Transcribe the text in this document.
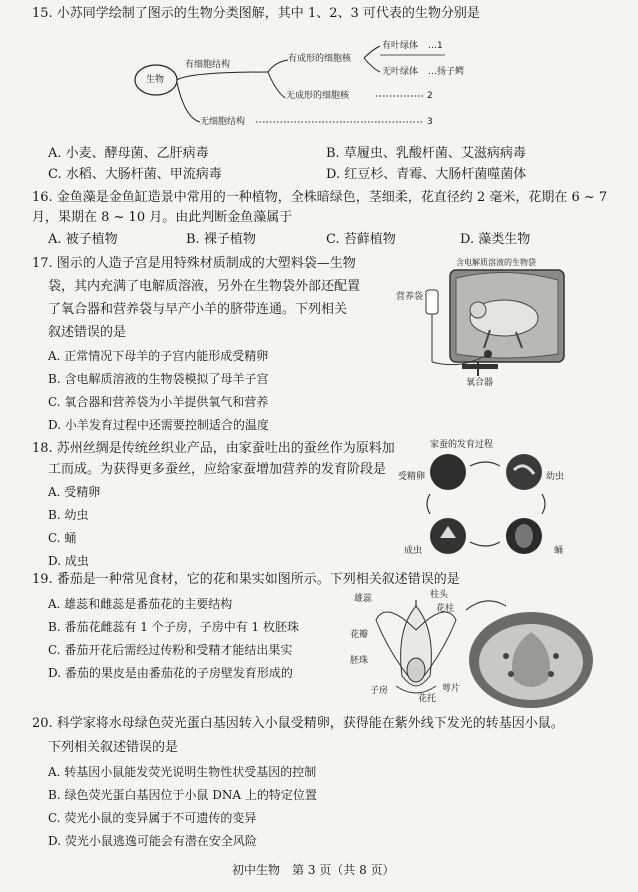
15. 小苏同学绘制了图示的生物分类图解，其中 1、2、3 可代表的生物分别是
生物
有细胞结构
有成形的细胞核
有叶绿体 …1
无叶绿体 …扬子鳄
无成形的细胞核	2
无细胞结构	3
A. 小麦、酵母菌、乙肝病毒	B. 草履虫、乳酸杆菌、艾滋病病毒
C. 水稻、大肠杆菌、甲流病毒	D. 红豆杉、青霉、大肠杆菌噬菌体
16. 金鱼藻是金鱼缸造景中常用的一种植物，全株暗绿色，茎细柔，花直径约 2 毫米，花期在 6 ~ 7
月，果期在 8 ~ 10 月。由此判断金鱼藻属于
A. 被子植物	B. 裸子植物	C. 苔藓植物	D. 藻类生物
17. 图示的人造子宫是用特殊材质制成的大塑料袋—生物
袋，其内充满了电解质溶液，另外在生物袋外部还配置
了氧合器和营养袋与早产小羊的脐带连通。下列相关
叙述错误的是
A. 正常情况下母羊的子宫内能形成受精卵
B. 含电解质溶液的生物袋模拟了母羊子宫
C. 氧合器和营养袋为小羊提供氧气和营养
D. 小羊发育过程中还需要控制适合的温度
含电解质溶液的生物袋
营养袋
氧合器
18. 苏州丝绸是传统丝织业产品，由家蚕吐出的蚕丝作为原料加
工而成。为获得更多蚕丝，应给家蚕增加营养的发育阶段是
A. 受精卵
B. 幼虫
C. 蛹
D. 成虫
家蚕的发育过程
受精卵	幼虫
成虫	蛹
19. 番茄是一种常见食材，它的花和果实如图所示。下列相关叙述错误的是
A. 雄蕊和雌蕊是番茄花的主要结构
B. 番茄花雌蕊有 1 个子房，子房中有 1 枚胚珠
C. 番茄开花后需经过传粉和受精才能结出果实
D. 番茄的果皮是由番茄花的子房壁发育形成的
雄蕊	柱头
花柱
花瓣
胚珠
子房
花托
萼片
20. 科学家将水母绿色荧光蛋白基因转入小鼠受精卵，获得能在紫外线下发光的转基因小鼠。
下列相关叙述错误的是
A. 转基因小鼠能发荧光说明生物性状受基因的控制
B. 绿色荧光蛋白基因位于小鼠 DNA 上的特定位置
C. 荧光小鼠的变异属于不可遗传的变异
D. 荧光小鼠逃逸可能会有潜在安全风险
初中生物　第 3 页（共 8 页）
